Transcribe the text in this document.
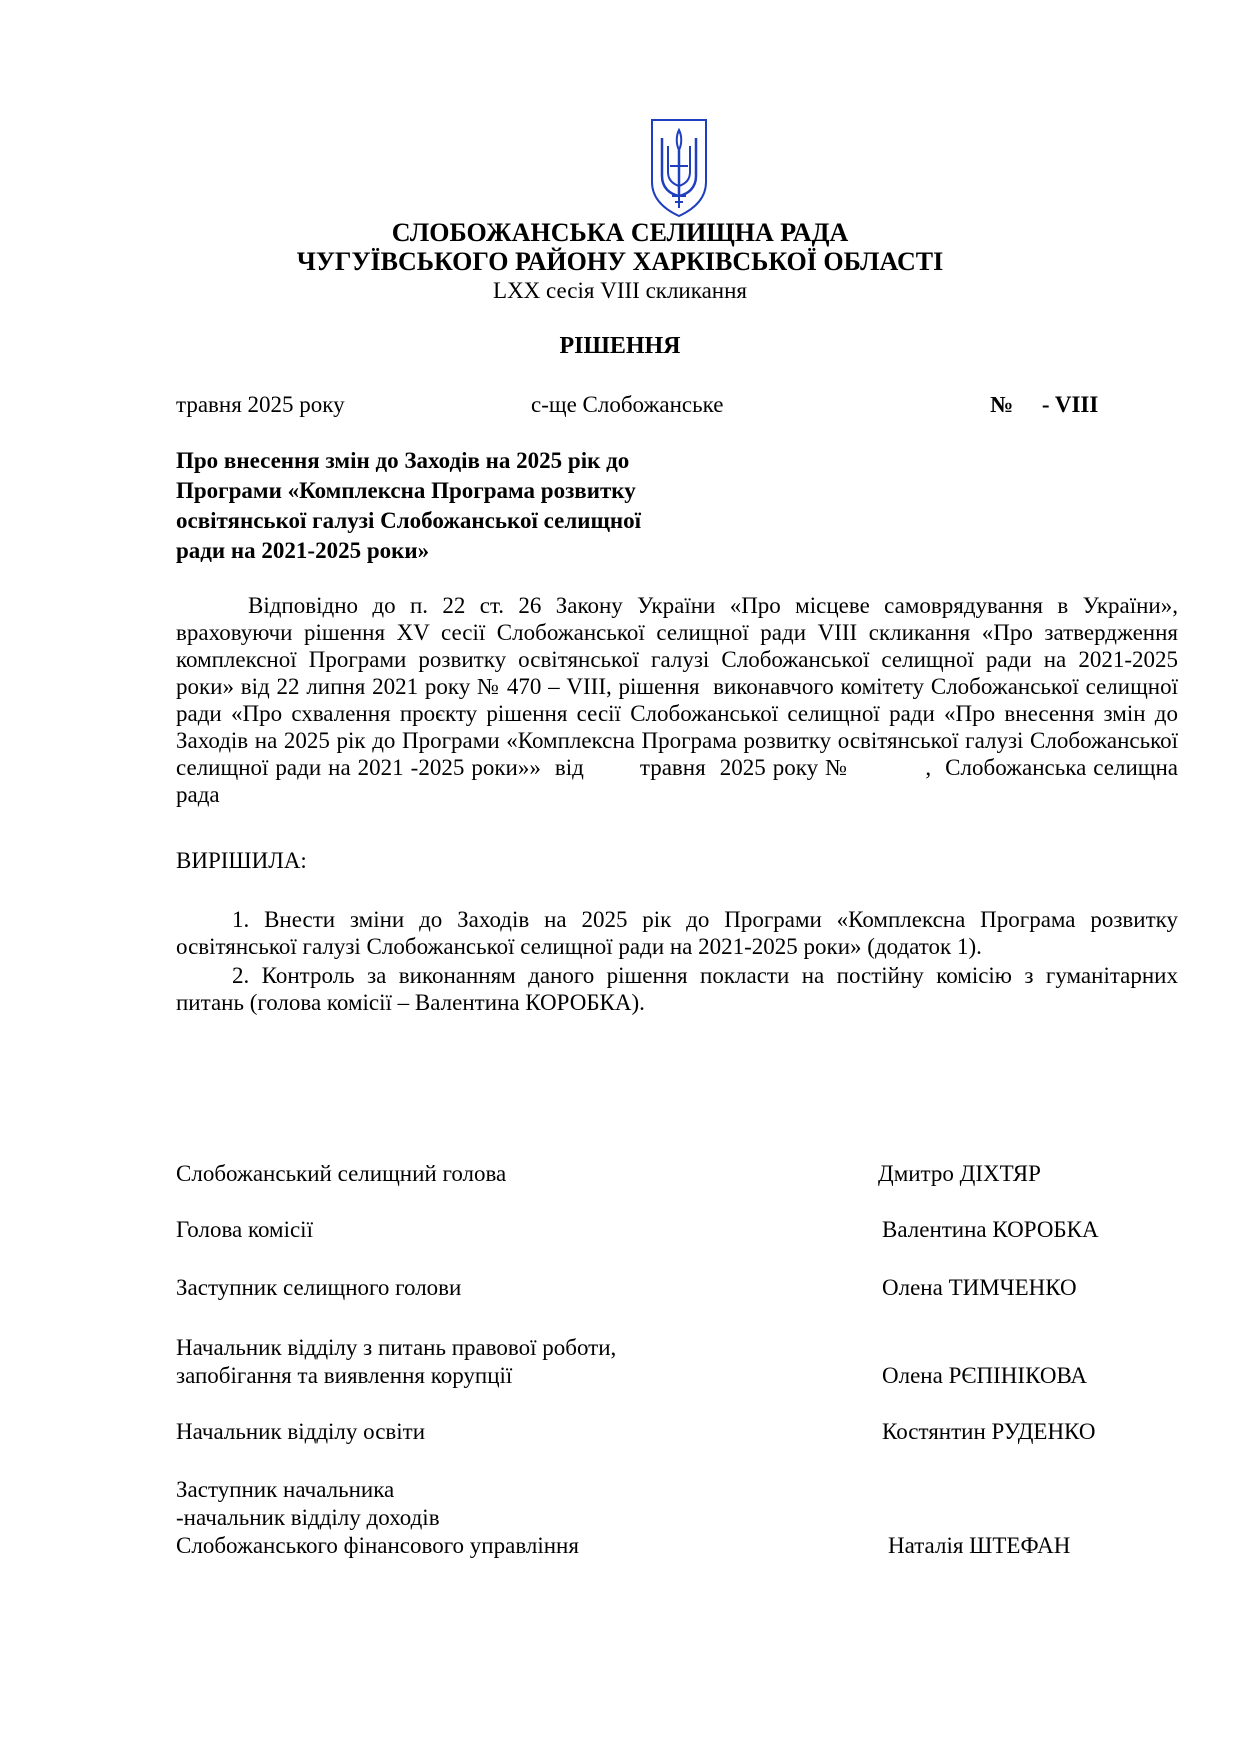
СЛОБОЖАНСЬКА СЕЛИЩНА РАДА
ЧУГУЇВСЬКОГО РАЙОНУ ХАРКІВСЬКОЇ ОБЛАСТІ
LXX сесія VIII скликання
РІШЕННЯ
травня 2025 року	с-ще Слобожанське	№     - VIII
Про внесення змін до Заходів на 2025 рік до
Програми «Комплексна Програма розвитку
освітянської галузі Слобожанської селищної
ради на 2021-2025 роки»
Відповідно до п. 22 ст. 26 Закону України «Про місцеве самоврядування в України», враховуючи рішення XV сесії Слобожанської селищної ради VIII скликання «Про затвердження комплексної Програми розвитку освітянської галузі Слобожанської селищної ради на 2021-2025 роки» від 22 липня 2021 року № 470 – VIII, рішення  виконавчого комітету Слобожанської селищної ради «Про схвалення проєкту рішення сесії Слобожанської селищної ради «Про внесення змін до  Заходів на 2025 рік до Програми «Комплексна Програма розвитку освітянської галузі Слобожанської селищної ради на 2021 -2025 роки»»  від        травня  2025 року №           ,  Слобожанська селищна рада
ВИРІШИЛА:
1. Внести зміни до Заходів на 2025 рік до Програми «Комплексна Програма розвитку освітянської галузі Слобожанської селищної ради на 2021-2025 роки» (додаток 1).
2. Контроль за виконанням даного рішення покласти на постійну комісію з гуманітарних питань (голова комісії – Валентина КОРОБКА).
Слобожанський селищний голова	Дмитро ДІХТЯР
Голова комісії	Валентина КОРОБКА
Заступник селищного голови	Олена ТИМЧЕНКО
Начальник відділу з питань правової роботи,
запобігання та виявлення корупції	Олена РЄПІНІКОВА
Начальник відділу освіти	Костянтин РУДЕНКО
Заступник начальника
-начальник відділу доходів
Слобожанського фінансового управління	Наталія ШТЕФАН
